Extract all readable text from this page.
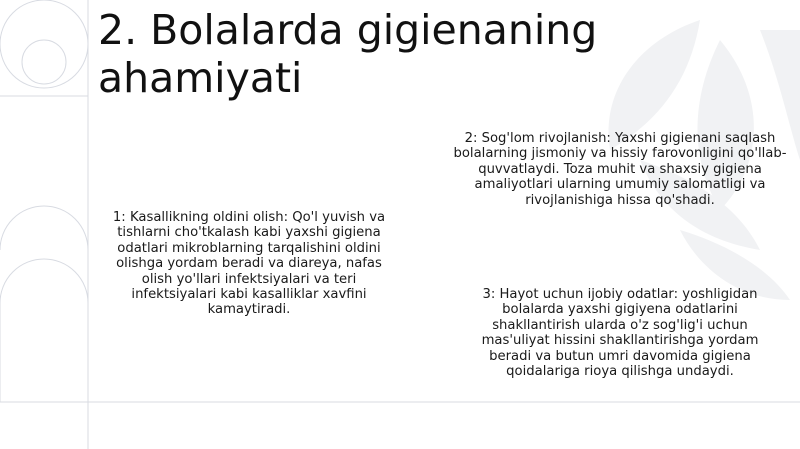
2. Bolalarda gigienaning ahamiyati

1: Kasallikning oldini olish: Qo'l yuvish va tishlarni cho'tkalash kabi yaxshi gigiena odatlari mikroblarning tarqalishini oldini olishga yordam beradi va diareya, nafas olish yo'llari infektsiyalari va teri infektsiyalari kabi kasalliklar xavfini kamaytiradi.

2: Sog'lom rivojlanish: Yaxshi gigienani saqlash bolalarning jismoniy va hissiy farovonligini qo'llab-quvvatlaydi. Toza muhit va shaxsiy gigiena amaliyotlari ularning umumiy salomatligi va rivojlanishiga hissa qo'shadi.

3: Hayot uchun ijobiy odatlar: yoshligidan bolalarda yaxshi gigiyena odatlarini shakllantirish ularda o'z sog'lig'i uchun mas'uliyat hissini shakllantirishga yordam beradi va butun umri davomida gigiena qoidalariga rioya qilishga undaydi.
